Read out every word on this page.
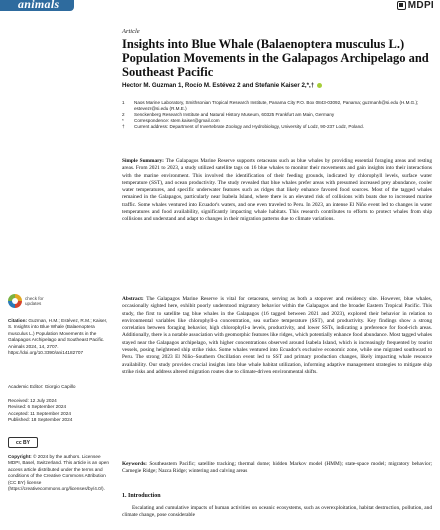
animals	MDPI
Article
Insights into Blue Whale (Balaenoptera musculus L.) Population Movements in the Galapagos Archipelago and Southeast Pacific
Hector M. Guzman 1, Rocío M. Estévez 2 and Stefanie Kaiser 2,*,†
1	Naos Marine Laboratory, Smithsonian Tropical Research Institute, Panama City P.O. Box 0843-03092, Panama; guzmanh@si.edu (H.M.G.); estevezr@si.edu (R.M.E.)
2	Senckenberg Research Institute and Natural History Museum, 60325 Frankfurt am Main, Germany
*	Correspondence: stem.kaiser@gmail.com
†	Current address: Department of Invertebrate Zoology and Hydrobiology, University of Lodz, 90-237 Lodz, Poland.
Simple Summary: The Galapagos Marine Reserve supports cetaceans such as blue whales by providing essential foraging areas and resting areas. From 2021 to 2023, a study utilized satellite tags on 16 blue whales to monitor their movements and gain insights into their interactions with the marine environment. This involved the identification of their feeding grounds, indicated by chlorophyll levels, surface water temperature (SST), and ocean productivity. The study revealed that blue whales prefer areas with presumed increased prey abundance, cooler water temperatures, and specific underwater features such as ridges that likely enhance favored food sources. Most of the tagged whales remained in the Galapagos, particularly near Isabela Island, where there is an elevated risk of collisions with boats due to increased marine traffic. Some whales ventured into Ecuador's waters, and one even traveled to Peru. In 2023, an intense El Niño event led to changes in water temperatures and food availability, significantly impacting whale habitats. This research contributes to efforts to protect whales from ship collisions and understand and adapt to changes in their migration patterns due to climate variations.
Abstract: The Galapagos Marine Reserve is vital for cetaceans, serving as both a stopover and residency site. However, blue whales, occasionally sighted here, exhibit poorly understood migratory behavior within the Galapagos and the broader Eastern Tropical Pacific. This study, the first to satellite tag blue whales in the Galapagos (16 tagged between 2021 and 2023), explored their behavior in relation to environmental variables like chlorophyll-a concentration, sea surface temperature (SST), and productivity. Key findings show a strong correlation between foraging behavior, high chlorophyll-a levels, productivity, and lower SSTs, indicating a preference for food-rich areas. Additionally, there is a notable association with geomorphic features like ridges, which potentially enhance food abundance. Most tagged whales stayed near the Galapagos archipelago, with higher concentrations observed around Isabela Island, which is increasingly frequented by tourist vessels, posing heightened ship strike risks. Some whales ventured into Ecuador's exclusive economic zone, while one migrated southward to Peru. The strong 2023 El Niño–Southern Oscillation event led to SST and primary production changes, likely impacting whale resource availability. Our study provides crucial insights into blue whale habitat utilization, informing adaptive management strategies to mitigate ship strike risks and address altered migration routes due to climate-driven environmental shifts.
Keywords: Southeastern Pacific; satellite tracking; thermal dome; hidden Markov model (HMM); state-space model; migratory behavior; Carnegie Ridge; Nazca Ridge; wintering and calving areas
1. Introduction
Escalating and cumulative impacts of human activities on oceanic ecosystems, such as overexploitation, habitat destruction, pollution, and climate change, pose considerable
check for
updates
Citation: Guzman, H.M.; Estévez, R.M.; Kaiser, S. Insights into Blue Whale (Balaenoptera musculus L.) Population Movements in the Galapagos Archipelago and Southeast Pacific. Animals 2024, 14, 2707. https://doi.org/10.3390/ani14182707
Academic Editor: Giorgio Capillo
Received: 12 July 2024
Revised: 6 September 2024
Accepted: 11 September 2024
Published: 18 September 2024
cc BY
Copyright: © 2024 by the authors. Licensee MDPI, Basel, Switzerland. This article is an open access article distributed under the terms and conditions of the Creative Commons Attribution (CC BY) license (https://creativecommons.org/licenses/by/4.0/).
